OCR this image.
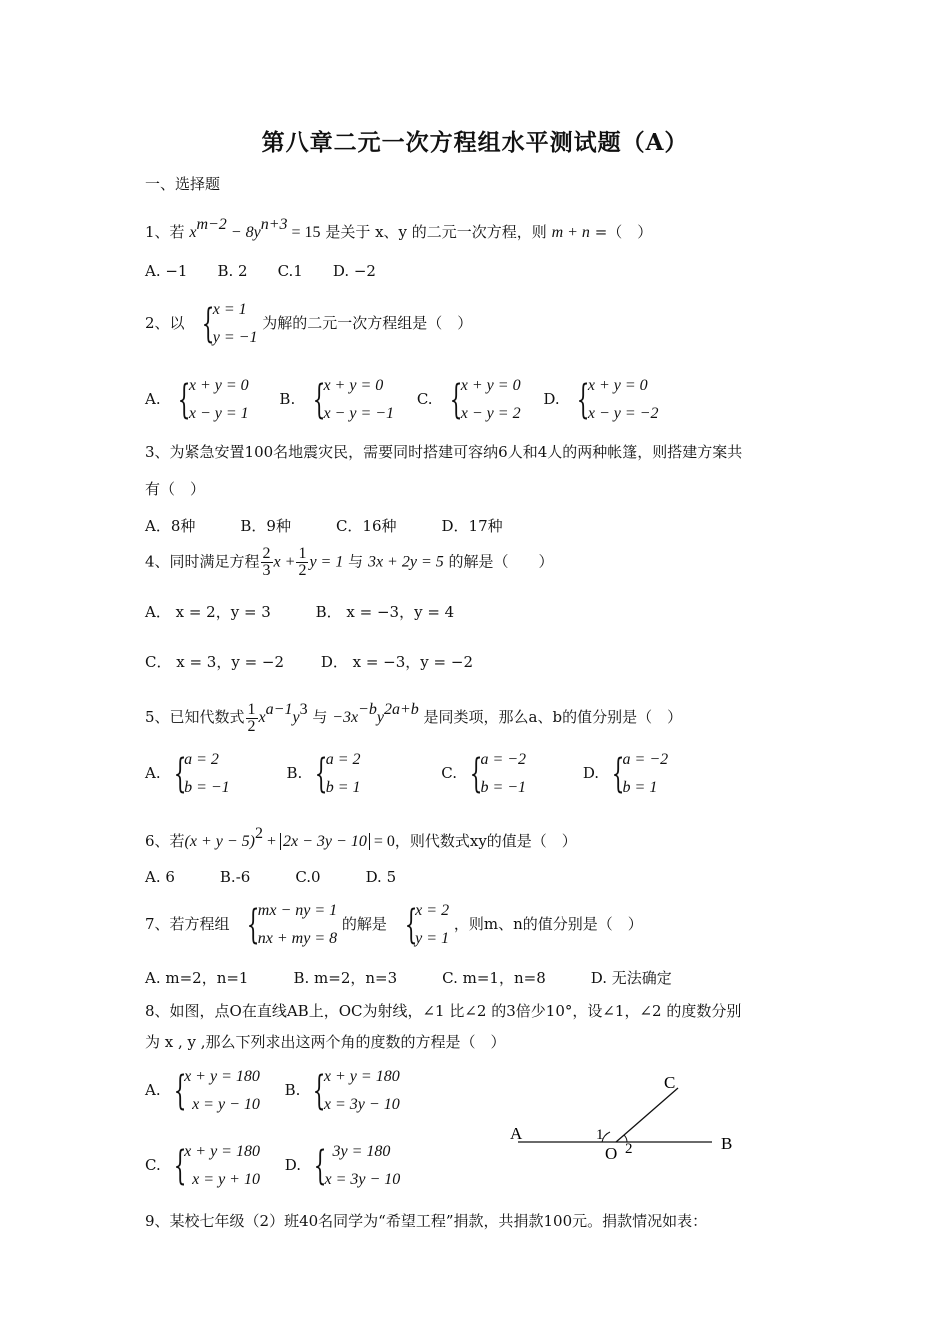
第八章二元一次方程组水平测试题（A）
一、选择题
1、若 $x^{m-2} - 8y^{n+3} = 15$ 是关于 x、y 的二元一次方程，则 m + n =（　）
A. −1　　B. 2　　C.1　　D. −2
2、以 {
x = 1
y = −1
为解的二元一次方程组是（　）
A. {
x + y = 0
x − y = 1
B. {
x + y = 0
x − y = −1
C. {
x + y = 0
x − y = 2
D. {
x + y = 0
x − y = −2
3、为紧急安置100名地震灾民，需要同时搭建可容纳6人和4人的两种帐篷，则搭建方案共
有（　）
A．8种　　　B．9种　　　C．16种　　　D．17种
4、同时满足方程 $\frac{2}{3}$ $x + \frac{1}{2}$ y = 1 与 3x + 2y = 5 的解是（　　）
A． x = 2，y = 3	B． x = −3，y = 4
C． x = 3，y = −2 D． x = −3，y = −2
5、已知代数式 $\frac{1}{2} x^{a-1}y^3$ 与 $-3x^{-b}y^{2a+b}$ 是同类项，那么a、b的值分别是（　）
A. {
a = 2
b = −1
B. {
a = 2
b = 1
C. {
a = −2
b = −1
D. {
a = −2
b = 1
6、若$(x + y - 5)^2 + 2x - 3y - 10 = 0$，则代数式xy的值是（　）
A. 6　　　B.-6　　　C.0　　　D. 5
7、若方程组 {
mx − ny = 1
nx + my = 8
的解是 {
x = 2
y = 1
，则m、n的值分别是（　）
A. m=2，n=1　　　B. m=2，n=3　　　C. m=1，n=8　　　D. 无法确定
8、如图，点O在直线AB上，OC为射线，∠1 比∠2 的3倍少10°，设∠1，∠2 的度数分别
为 x , y ,那么下列求出这两个角的度数的方程是（　）
A. {
x + y = 180
x = y − 10
B. {
x + y = 180
x = 3y − 10
C. {
x + y = 180
x = y + 10
D. { 3y = 180
x = 3y − 10
C
A
B
O
1
2
9、某校七年级（2）班40名同学为“希望工程”捐款，共捐款100元。捐款情况如表：
